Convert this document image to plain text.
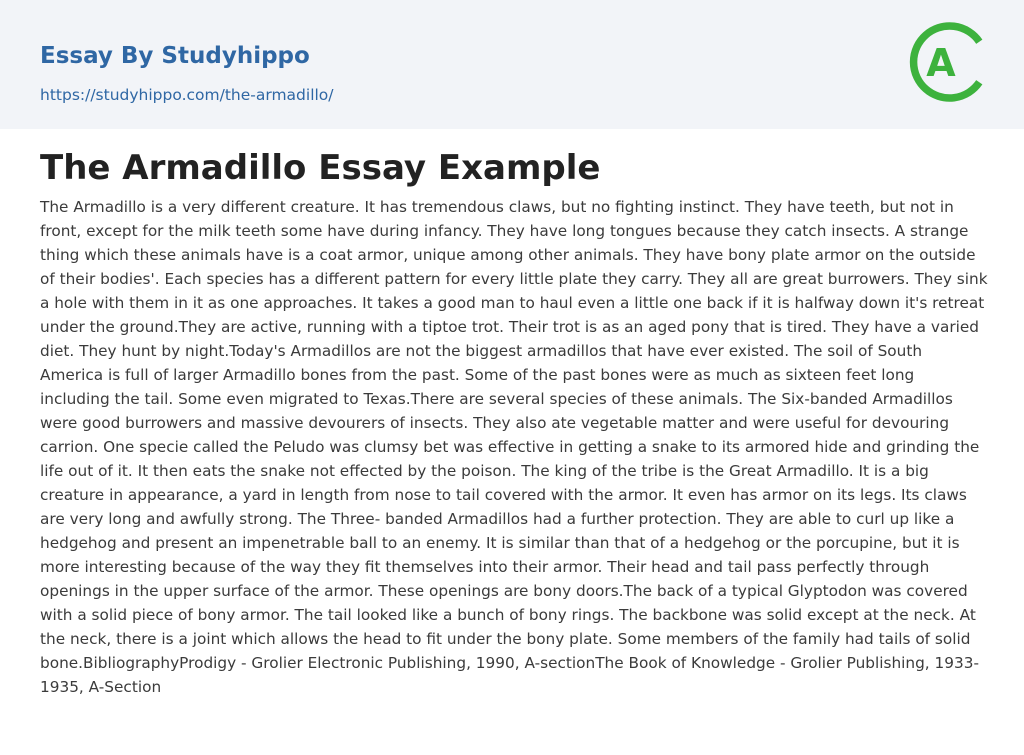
Essay By Studyhippo
https://studyhippo.com/the-armadillo/
A
The Armadillo Essay Example

The Armadillo is a very different creature. It has tremendous claws, but no fighting instinct. They have teeth, but not in front, except for the milk teeth some have during infancy. They have long tongues because they catch insects. A strange thing which these animals have is a coat armor, unique among other animals. They have bony plate armor on the outside of their bodies'. Each species has a different pattern for every little plate they carry. They all are great burrowers. They sink a hole with them in it as one approaches. It takes a good man to haul even a little one back if it is halfway down it's retreat under the ground.They are active, running with a tiptoe trot. Their trot is as an aged pony that is tired. They have a varied diet. They hunt by night.Today's Armadillos are not the biggest armadillos that have ever existed. The soil of South America is full of larger Armadillo bones from the past. Some of the past bones were as much as sixteen feet long including the tail. Some even migrated to Texas.There are several species of these animals. The Six-banded Armadillos were good burrowers and massive devourers of insects. They also ate vegetable matter and were useful for devouring carrion. One specie called the Peludo was clumsy bet was effective in getting a snake to its armored hide and grinding the life out of it. It then eats the snake not effected by the poison. The king of the tribe is the Great Armadillo. It is a big creature in appearance, a yard in length from nose to tail covered with the armor. It even has armor on its legs. Its claws are very long and awfully strong. The Three- banded Armadillos had a further protection. They are able to curl up like a hedgehog and present an impenetrable ball to an enemy. It is similar than that of a hedgehog or the porcupine, but it is more interesting because of the way they fit themselves into their armor. Their head and tail pass perfectly through openings in the upper surface of the armor. These openings are bony doors.The back of a typical Glyptodon was covered with a solid piece of bony armor. The tail looked like a bunch of bony rings. The backbone was solid except at the neck. At the neck, there is a joint which allows the head to fit under the bony plate. Some members of the family had tails of solid bone.BibliographyProdigy - Grolier Electronic Publishing, 1990, A-sectionThe Book of Knowledge - Grolier Publishing, 1933-1935, A-Section
